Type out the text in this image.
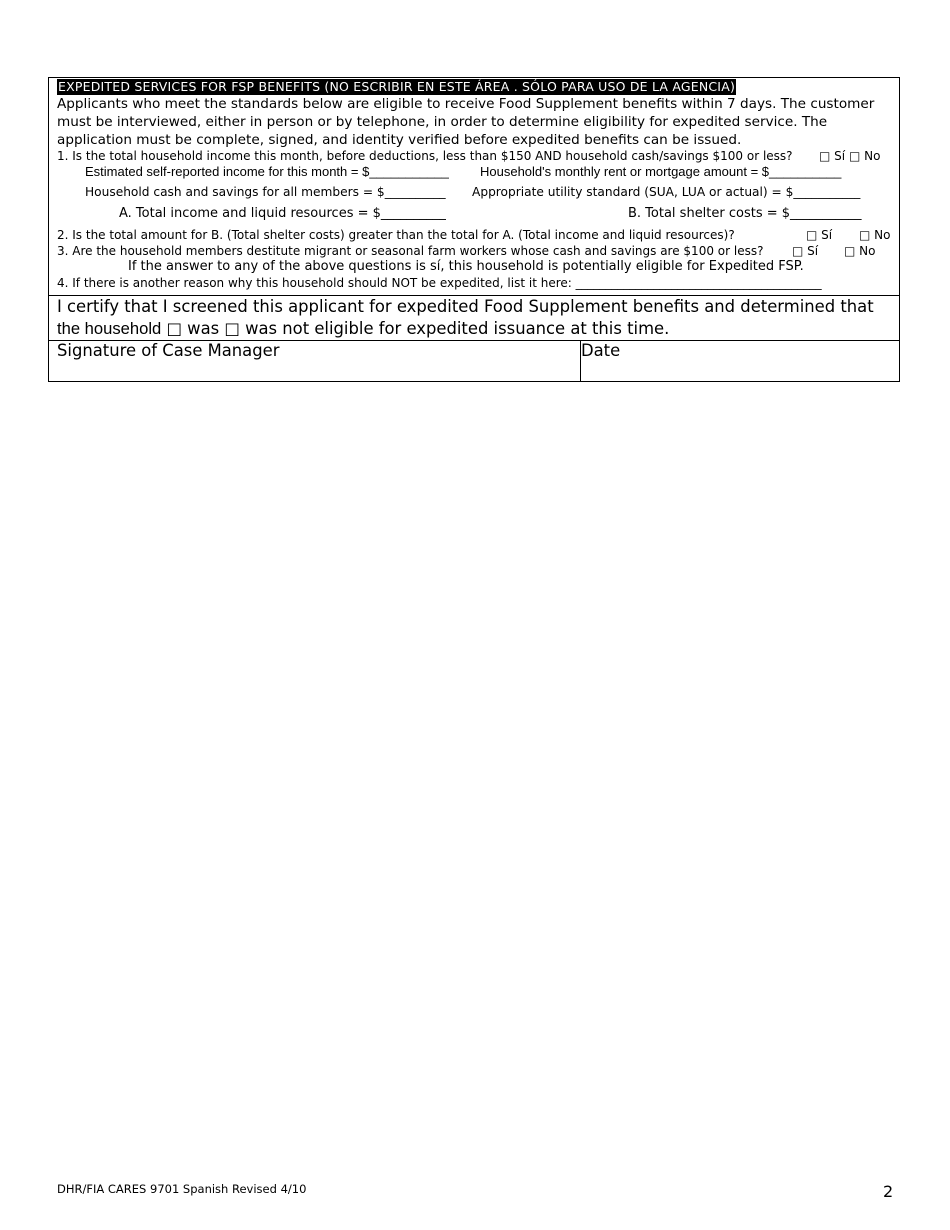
EXPEDITED SERVICES FOR FSP BENEFITS (NO ESCRIBIR EN ESTE ÁREA . SÓLO PARA USO DE LA AGENCIA)
Applicants who meet the standards below are eligible to receive Food Supplement benefits within 7 days. The customer must be interviewed, either in person or by telephone, in order to determine eligibility for expedited service. The application must be complete, signed, and identity verified before expedited benefits can be issued.
1. Is the total household income this month, before deductions, less than $150 AND household cash/savings $100 or less? □ Sí □ No
Estimated self-reported income for this month = $___________ Household's monthly rent or mortgage amount = $__________
Household cash and savings for all members = $__________ Appropriate utility standard (SUA, LUA or actual) = $___________
A. Total income and liquid resources = $__________	B. Total shelter costs = $___________
2. Is the total amount for B. (Total shelter costs) greater than the total for A. (Total income and liquid resources)?	□ Sí □ No
3. Are the household members destitute migrant or seasonal farm workers whose cash and savings are $100 or less? □ Sí □ No
If the answer to any of the above questions is sí, this household is potentially eligible for Expedited FSP.
4. If there is another reason why this household should NOT be expedited, list it here: _________________________________________
I certify that I screened this applicant for expedited Food Supplement benefits and determined that
the household □ was □ was not eligible for expedited issuance at this time.
Signature of Case Manager	Date
DHR/FIA CARES 9701 Spanish Revised 4/10	2
